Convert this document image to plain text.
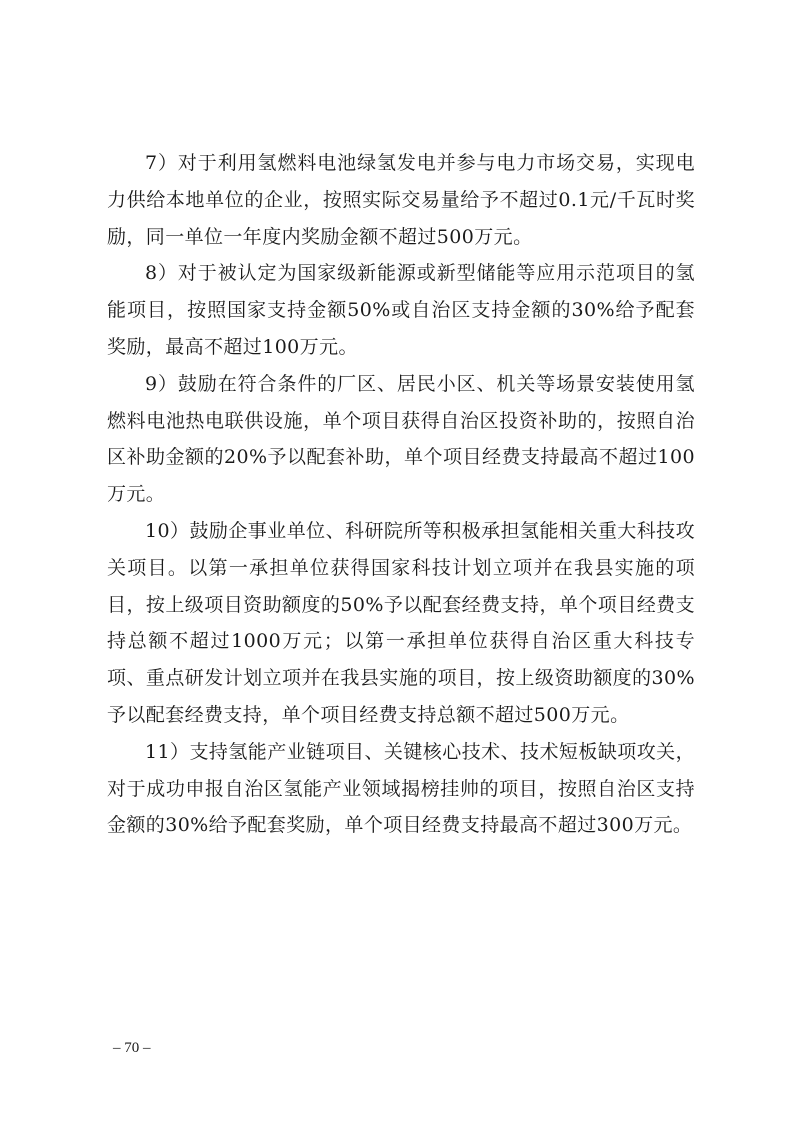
7）对于利用氢燃料电池绿氢发电并参与电力市场交易，实现电力供给本地单位的企业，按照实际交易量给予不超过0.1元/千瓦时奖励，同一单位一年度内奖励金额不超过500万元。

8）对于被认定为国家级新能源或新型储能等应用示范项目的氢能项目，按照国家支持金额50%或自治区支持金额的30%给予配套奖励，最高不超过100万元。

9）鼓励在符合条件的厂区、居民小区、机关等场景安装使用氢燃料电池热电联供设施，单个项目获得自治区投资补助的，按照自治区补助金额的20%予以配套补助，单个项目经费支持最高不超过100万元。

10）鼓励企事业单位、科研院所等积极承担氢能相关重大科技攻关项目。以第一承担单位获得国家科技计划立项并在我县实施的项目，按上级项目资助额度的50%予以配套经费支持，单个项目经费支持总额不超过1000万元；以第一承担单位获得自治区重大科技专项、重点研发计划立项并在我县实施的项目，按上级资助额度的30%予以配套经费支持，单个项目经费支持总额不超过500万元。

11）支持氢能产业链项目、关键核心技术、技术短板缺项攻关，对于成功申报自治区氢能产业领域揭榜挂帅的项目，按照自治区支持金额的30%给予配套奖励，单个项目经费支持最高不超过300万元。

– 70 –
